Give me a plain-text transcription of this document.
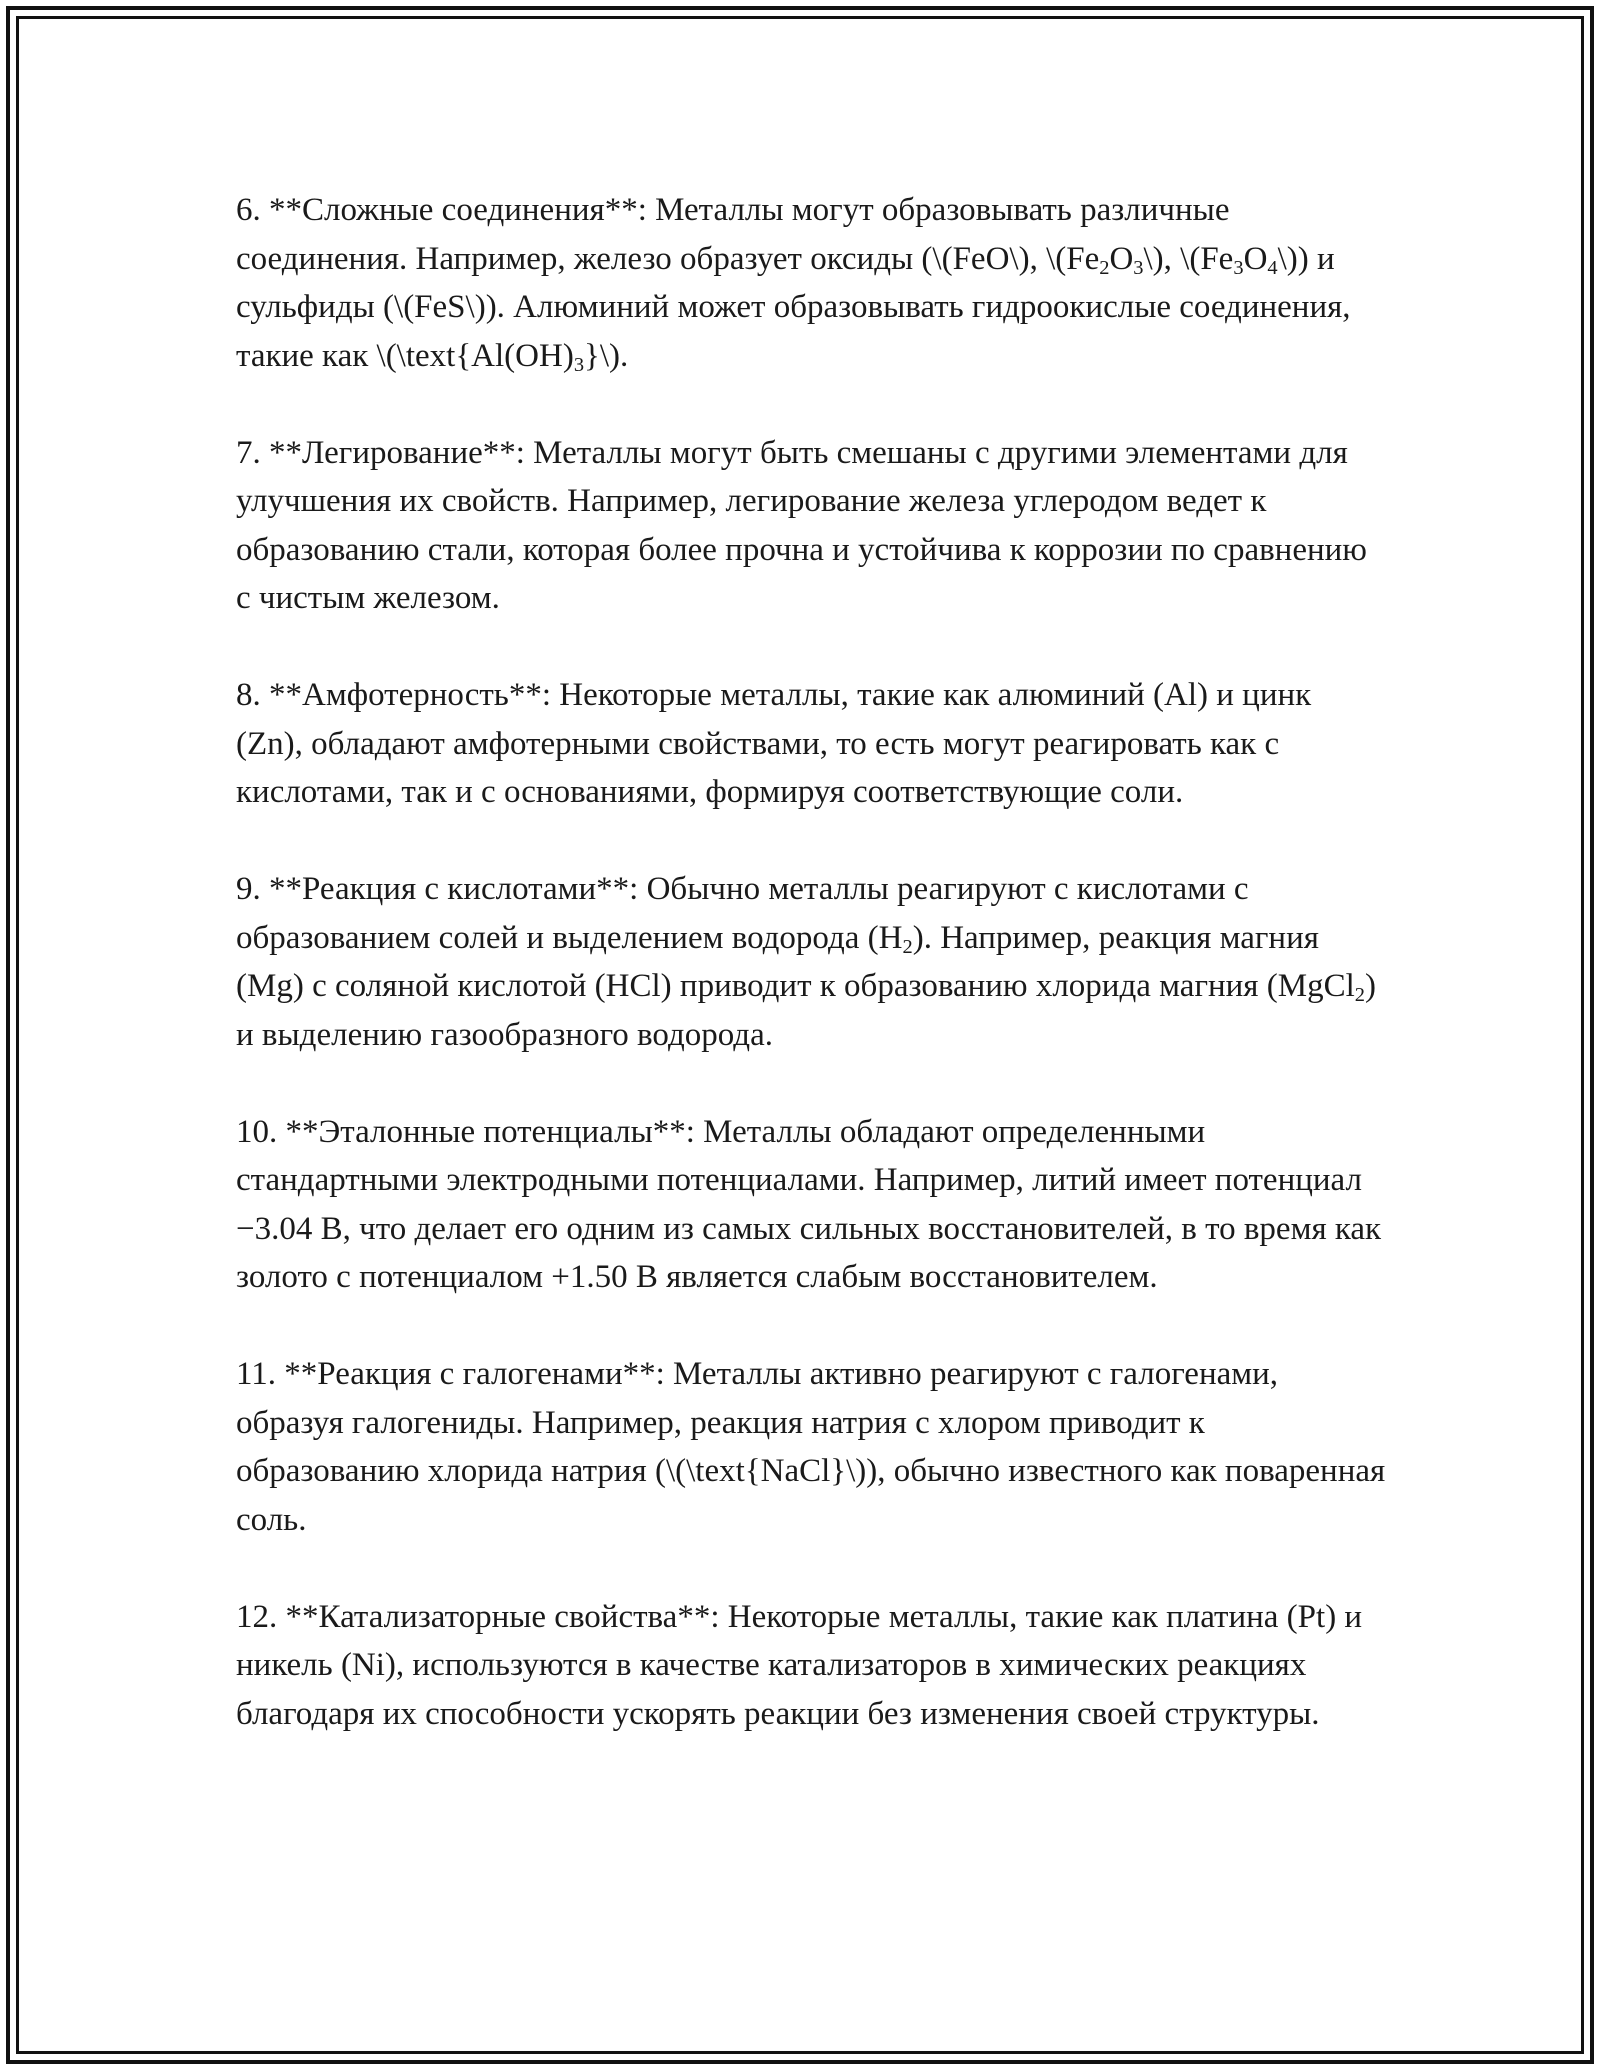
6. **Сложные соединения**: Металлы могут образовывать различные соединения. Например, железо образует оксиды (\(FeO\), $\backslash(Fe_2O_3\backslash)$, $\backslash(Fe_3O_4\backslash)$) и сульфиды (\(FeS\)). Алюминий может образовывать гидроокислые соединения, такие как $\backslash(\backslash text\{Al(OH)_3\}\backslash)$.

7. **Легирование**: Металлы могут быть смешаны с другими элементами для улучшения их свойств. Например, легирование железа углеродом ведет к образованию стали, которая более прочна и устойчива к коррозии по сравнению с чистым железом.

8. **Амфотерность**: Некоторые металлы, такие как алюминий (Al) и цинк (Zn), обладают амфотерными свойствами, то есть могут реагировать как с кислотами, так и с основаниями, формируя соответствующие соли.

9. **Реакция с кислотами**: Обычно металлы реагируют с кислотами с образованием солей и выделением водорода $(H_2)$. Например, реакция магния (Mg) с соляной кислотой (HCl) приводит к образованию хлорида магния (MgCl$_2$) и выделению газообразного водорода.

10. **Эталонные потенциалы**: Металлы обладают определенными стандартными электродными потенциалами. Например, литий имеет потенциал −3.04 В, что делает его одним из самых сильных восстановителей, в то время как золото с потенциалом +1.50 В является слабым восстановителем.

11. **Реакция с галогенами**: Металлы активно реагируют с галогенами, образуя галогениды. Например, реакция натрия с хлором приводит к образованию хлорида натрия (\(\text{NaCl}\)), обычно известного как поваренная соль.

12. **Катализаторные свойства**: Некоторые металлы, такие как платина (Pt) и никель (Ni), используются в качестве катализаторов в химических реакциях благодаря их способности ускорять реакции без изменения своей структуры.
